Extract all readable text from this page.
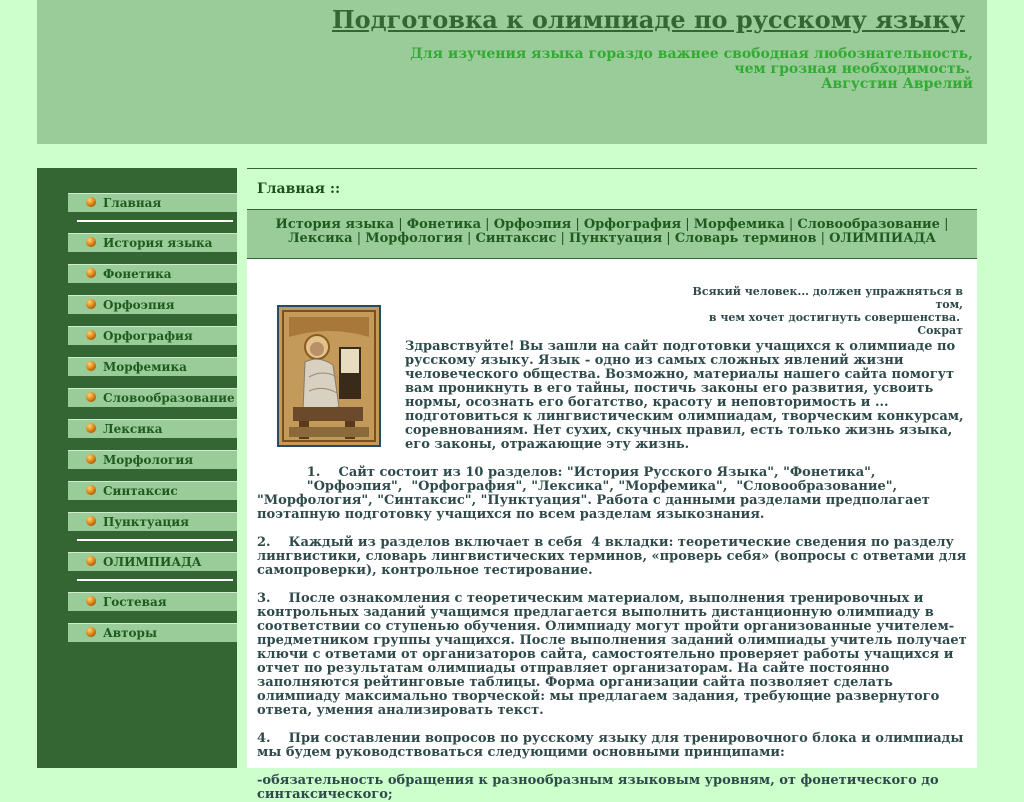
Подготовка к олимпиаде по русскому языку
Для изучения языка гораздо важнее свободная любознательность,
чем грозная необходимость.
Августин Аврелий
Главная
История языка
Фонетика
Орфоэпия
Орфография
Морфемика
Словообразование
Лексика
Морфология
Синтаксис
Пунктуация
ОЛИМПИАДА
Гостевая
Авторы
Главная ::
История языка | Фонетика | Орфоэпия | Орфография | Морфемика | Словообразование | Лексика | Морфология | Синтаксис | Пунктуация | Словарь терминов | ОЛИМПИАДА
Всякий человек... должен упражняться в том,
в чем хочет достигнуть совершенства.
Сократ
Здравствуйте! Вы зашли на сайт подготовки учащихся к олимпиаде по русскому языку. Язык - одно из самых сложных явлений жизни человеческого общества. Возможно, материалы нашего сайта помогут вам проникнуть в его тайны, постичь законы его развития, усвоить нормы, осознать его богатство, красоту и неповторимость и ... подготовиться к лингвистическим олимпиадам, творческим конкурсам, соревнованиям. Нет сухих, скучных правил, есть только жизнь языка, его законы, отражающие эту жизнь.
1.    Сайт состоит из 10 разделов: "История Русского Языка", "Фонетика",
"Орфоэпия",  "Орфография", "Лексика", "Морфемика",  "Словообразование",
"Морфология", "Синтаксис", "Пунктуация". Работа с данными разделами предполагает поэтапную подготовку учащихся по всем разделам языкознания.
2.    Каждый из разделов включает в себя  4 вкладки: теоретические сведения по разделу лингвистики, словарь лингвистических терминов, «проверь себя» (вопросы с ответами для самопроверки), контрольное тестирование.
3.    После ознакомления с теоретическим материалом, выполнения тренировочных и контрольных заданий учащимся предлагается выполнить дистанционную олимпиаду в соответствии со ступенью обучения. Олимпиаду могут пройти организованные учителем-предметником группы учащихся. После выполнения заданий олимпиады учитель получает ключи с ответами от организаторов сайта, самостоятельно проверяет работы учащихся и отчет по результатам олимпиады отправляет организаторам. На сайте постоянно заполняются рейтинговые таблицы. Форма организации сайта позволяет сделать олимпиаду максимально творческой: мы предлагаем задания, требующие развернутого ответа, умения анализировать текст.
4.    При составлении вопросов по русскому языку для тренировочного блока и олимпиады мы будем руководствоваться следующими основными принципами:
-обязательность обращения к разнообразным языковым уровням, от фонетического до синтаксического;
